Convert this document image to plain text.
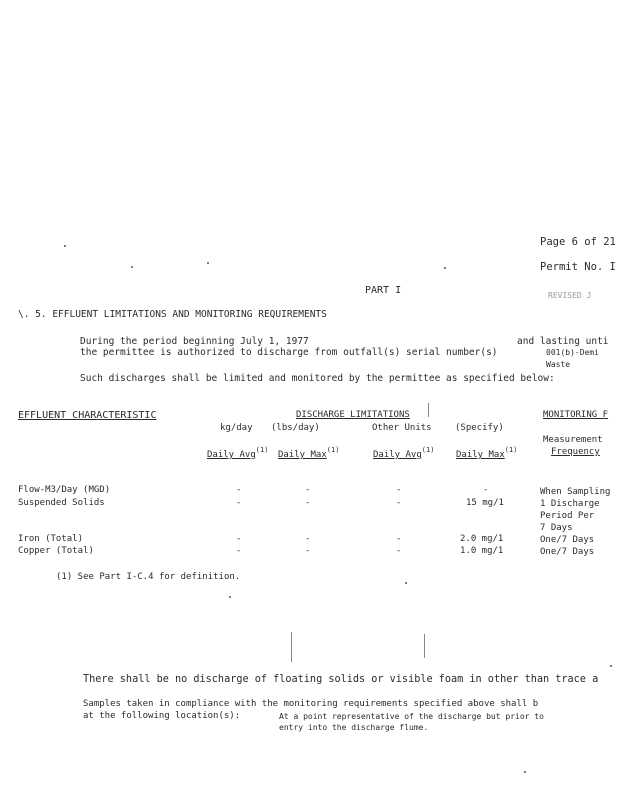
Page 6 of 21
Permit No. I
REVISED J
PART I
\. 5. EFFLUENT LIMITATIONS AND MONITORING REQUIREMENTS
During the period beginning July 1, 1977	and lasting unti
the permittee is authorized to discharge from outfall(s) serial number(s)	001(b)-Demi
Waste
Such discharges shall be limited and monitored by the permittee as specified below:
EFFLUENT CHARACTERISTIC	DISCHARGE LIMITATIONS	MONITORING F
kg/day (lbs/day)	Other Units	(Specify)
Measurement
Frequency
Daily Avg$^{(1)}$ Daily Max$^{(1)}$	Daily Avg$^{(1)}$ Daily Max$^{(1)}$
Flow-M3/Day (MGD)	-	-	-	-	When Sampling
Suspended Solids	-	-	-	15 mg/1	1 Discharge
Period Per
7 Days
Iron (Total)	-	-	-	2.0 mg/1	One/7 Days
Copper (Total)	-	-	-	1.0 mg/1	One/7 Days
(1) See Part I-C.4 for definition.
There shall be no discharge of floating solids or visible foam in other than trace a
Samples taken in compliance with the monitoring requirements specified above shall b
at the following location(s):	At a point representative of the discharge but prior to
entry into the discharge flume.
